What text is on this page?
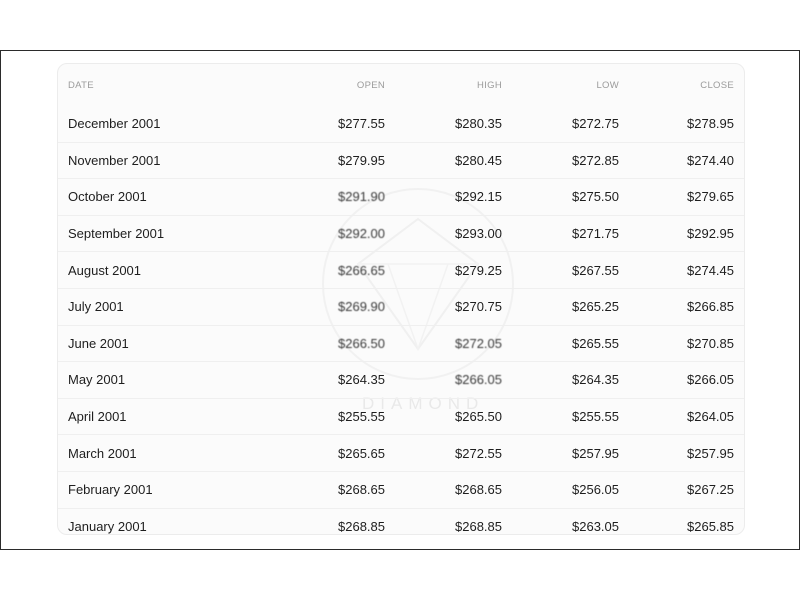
DIAMOND
DATE	OPEN	HIGH	LOW	CLOSE
December 2001	$277.55	$280.35	$272.75	$278.95
November 2001	$279.95	$280.45	$272.85	$274.40
October 2001	$291.90	$292.15	$275.50	$279.65
September 2001	$292.00	$293.00	$271.75	$292.95
August 2001	$266.65	$279.25	$267.55	$274.45
July 2001	$269.90	$270.75	$265.25	$266.85
June 2001	$266.50	$272.05	$265.55	$270.85
May 2001	$264.35	$266.05	$264.35	$266.05
April 2001	$255.55	$265.50	$255.55	$264.05
March 2001	$265.65	$272.55	$257.95	$257.95
February 2001	$268.65	$268.65	$256.05	$267.25
January 2001	$268.85	$268.85	$263.05	$265.85
